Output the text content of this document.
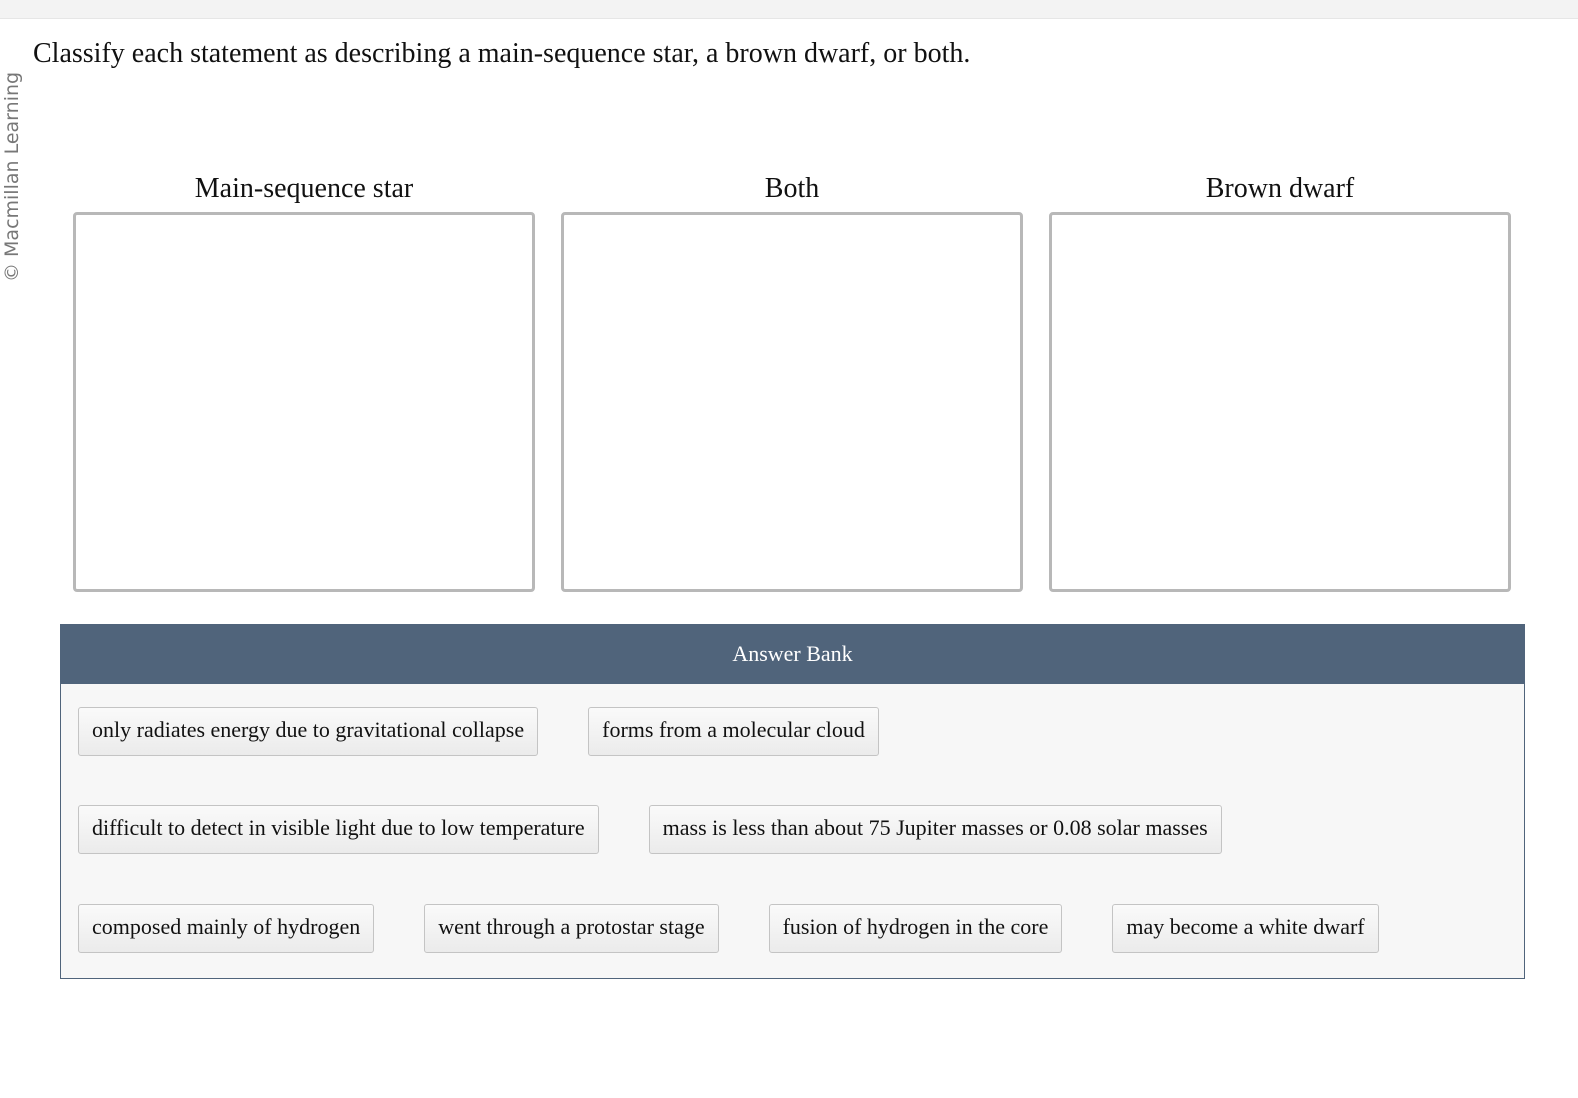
© Macmillan Learning
Classify each statement as describing a main-sequence star, a brown dwarf, or both.
Main-sequence star	Both	Brown dwarf
Answer Bank
only radiates energy due to gravitational collapse	forms from a molecular cloud
difficult to detect in visible light due to low temperature	mass is less than about 75 Jupiter masses or 0.08 solar masses
composed mainly of hydrogen	went through a protostar stage	fusion of hydrogen in the core	may become a white dwarf
